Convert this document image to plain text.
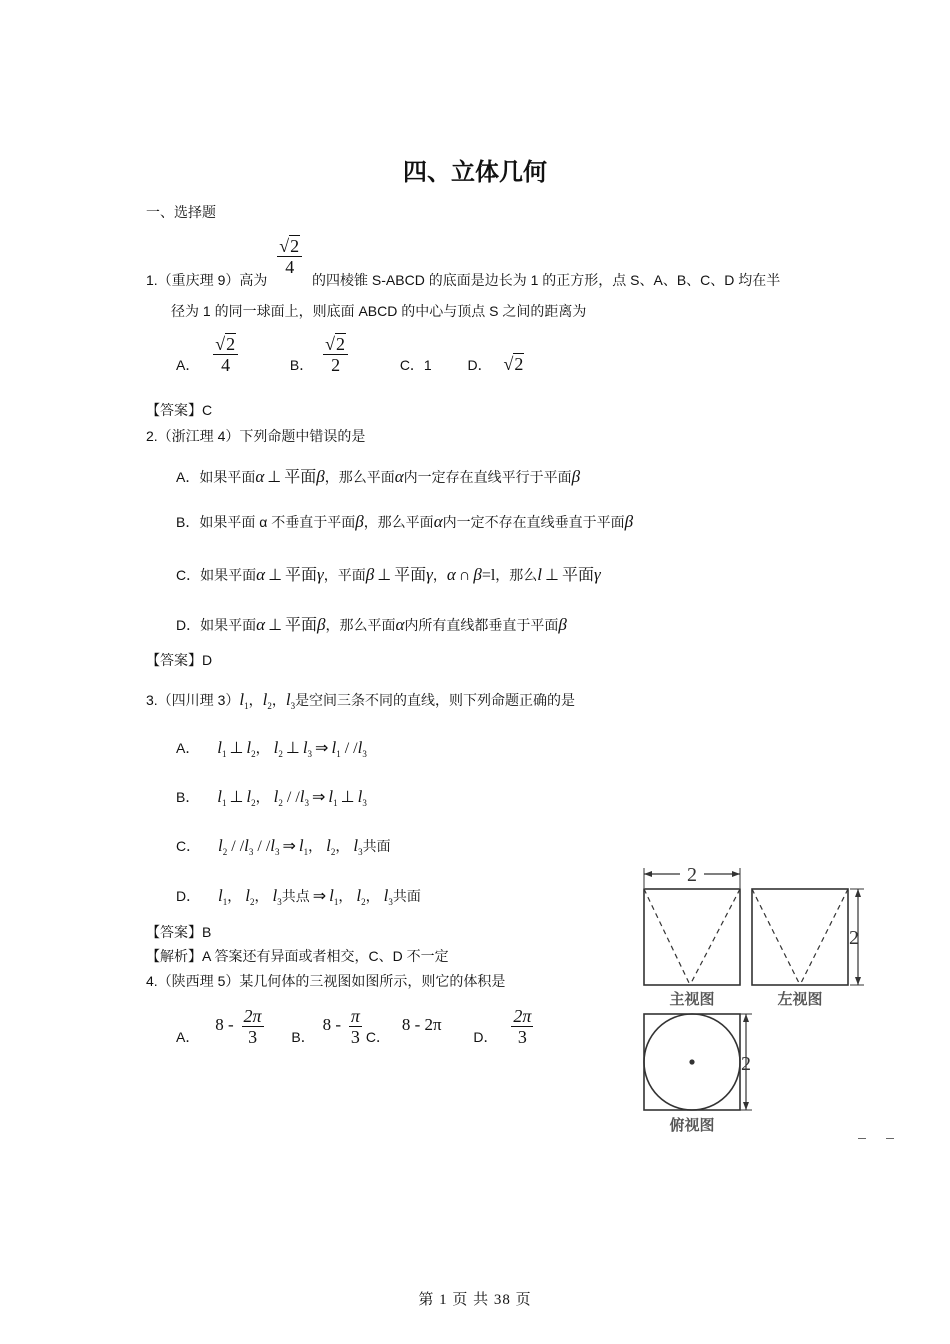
四、立体几何
一、选择题
1.（重庆理 9）高为
$\frac{√2}{4}$
的四棱锥 S-ABCD 的底面是边长为 1 的正方形，点 S、A、B、C、D 均在半
径为 1 的同一球面上，则底面 ABCD 的中心与顶点 S 之间的距离为
A． $\frac{√2}{4}$	B． $\frac{√2}{2}$	C．1	D． √2
【答案】C
2.（浙江理 4）下列命题中错误的是
A．如果平面α ⊥ 平面β，那么平面α内一定存在直线平行于平面β
B．如果平面 α 不垂直于平面β，那么平面α内一定不存在直线垂直于平面β
C．如果平面α ⊥ 平面γ，平面β ⊥ 平面γ，α ∩ β=l，那么l ⊥ 平面γ
D．如果平面α ⊥ 平面β，那么平面α内所有直线都垂直于平面β
【答案】D
3.（四川理 $3)l_1$，$l_2$，$l_3$是空间三条不同的直线，则下列命题正确的是
A． $l_1$ ⊥ $l_2$， $l_2$ ⊥ $l_3$ ⇒ $l_1 / /l_3$
B． $l_1$ ⊥ $l_2$， $l_2 / /l_3$ ⇒ $l_1$ ⊥ $l_3$
C． $l_2 / /l_3 / /l_3$ ⇒ $l_1$， $l_2$， $l_3$共面
D． $l_1$， $l_2$， $l_3$共点 ⇒ $l_1$， $l_2$， $l_3$共面
【答案】B
【解析】A 答案还有异面或者相交，C、D 不一定
4.（陕西理 5）某几何体的三视图如图所示，则它的体积是
A． $8 - \frac{2\pi}{3}$ B． $8 - \frac{\pi}{3}$ C． 8 - 2π  D． $\frac{2\pi}{3}$
2
2
2
主视图	左视图
俯视图
第 1 页 共 38 页
